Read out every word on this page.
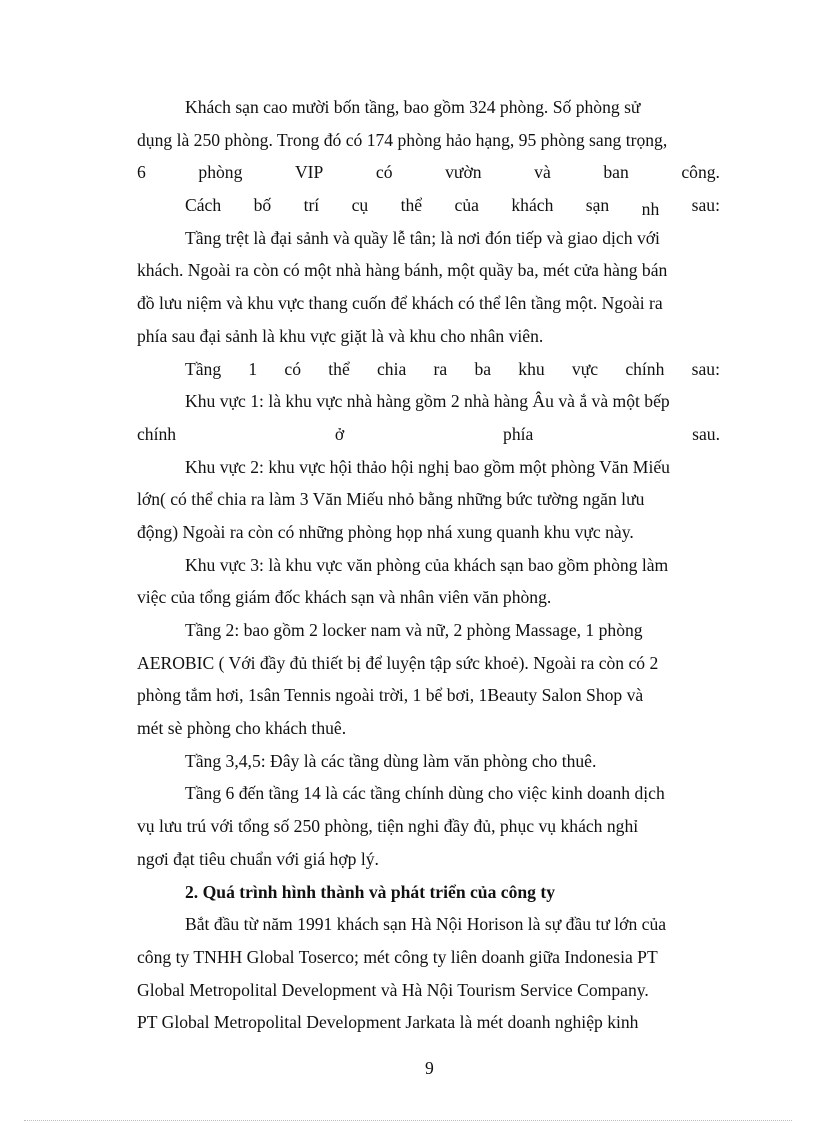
Khách sạn cao mười bốn tầng, bao gồm 324 phòng. Số phòng sử
dụng là 250 phòng. Trong đó có 174 phòng hảo hạng, 95 phòng sang trọng,
6	phòng	VIP	có	vườn	và	ban	công.
Cách bố trí cụ thể của khách sạn nh sau:
Tầng trệt là đại sảnh và quầy lễ tân; là nơi đón tiếp và giao dịch với
khách. Ngoài ra còn có một nhà hàng bánh, một quầy ba, mét cửa hàng bán
đồ lưu niệm và khu vực thang cuốn để khách có thể lên tầng một. Ngoài ra
phía sau đại sảnh là khu vực giặt là và khu cho nhân viên.
Tầng 1 có thể chia ra ba khu vực chính sau:
Khu vực 1: là khu vực nhà hàng gồm 2 nhà hàng Âu và ắ và một bếp
chính	ở	phía	sau.
Khu vực 2: khu vực hội thảo hội nghị bao gồm một phòng Văn Miếu
lớn( có thể chia ra làm 3 Văn Miếu nhỏ bằng những bức tường ngăn lưu
động) Ngoài ra còn có những phòng họp nhá xung quanh khu vực này.
Khu vực 3: là khu vực văn phòng của khách sạn bao gồm phòng làm
việc của tổng giám đốc khách sạn và nhân viên văn phòng.
Tầng 2: bao gồm 2 locker nam và nữ, 2 phòng Massage, 1 phòng
AEROBIC ( Với đầy đủ thiết bị để luyện tập sức khoẻ). Ngoài ra còn có 2
phòng tắm hơi, 1sân Tennis ngoài trời, 1 bể bơi, 1Beauty Salon Shop và
mét sè phòng cho khách thuê.
Tầng 3,4,5: Đây là các tầng dùng làm văn phòng cho thuê.
Tầng 6 đến tầng 14 là các tầng chính dùng cho việc kinh doanh dịch
vụ lưu trú với tổng số 250 phòng, tiện nghi đầy đủ, phục vụ khách nghỉ
ngơi đạt tiêu chuẩn với giá hợp lý.
2. Quá trình hình thành và phát triển của công ty
Bắt đầu từ năm 1991 khách sạn Hà Nội Horison là sự đầu tư lớn của
công ty TNHH Global Toserco; mét công ty liên doanh giữa Indonesia PT
Global Metropolital Development và Hà Nội Tourism Service Company.
PT Global Metropolital Development Jarkata là mét doanh nghiệp kinh
9
